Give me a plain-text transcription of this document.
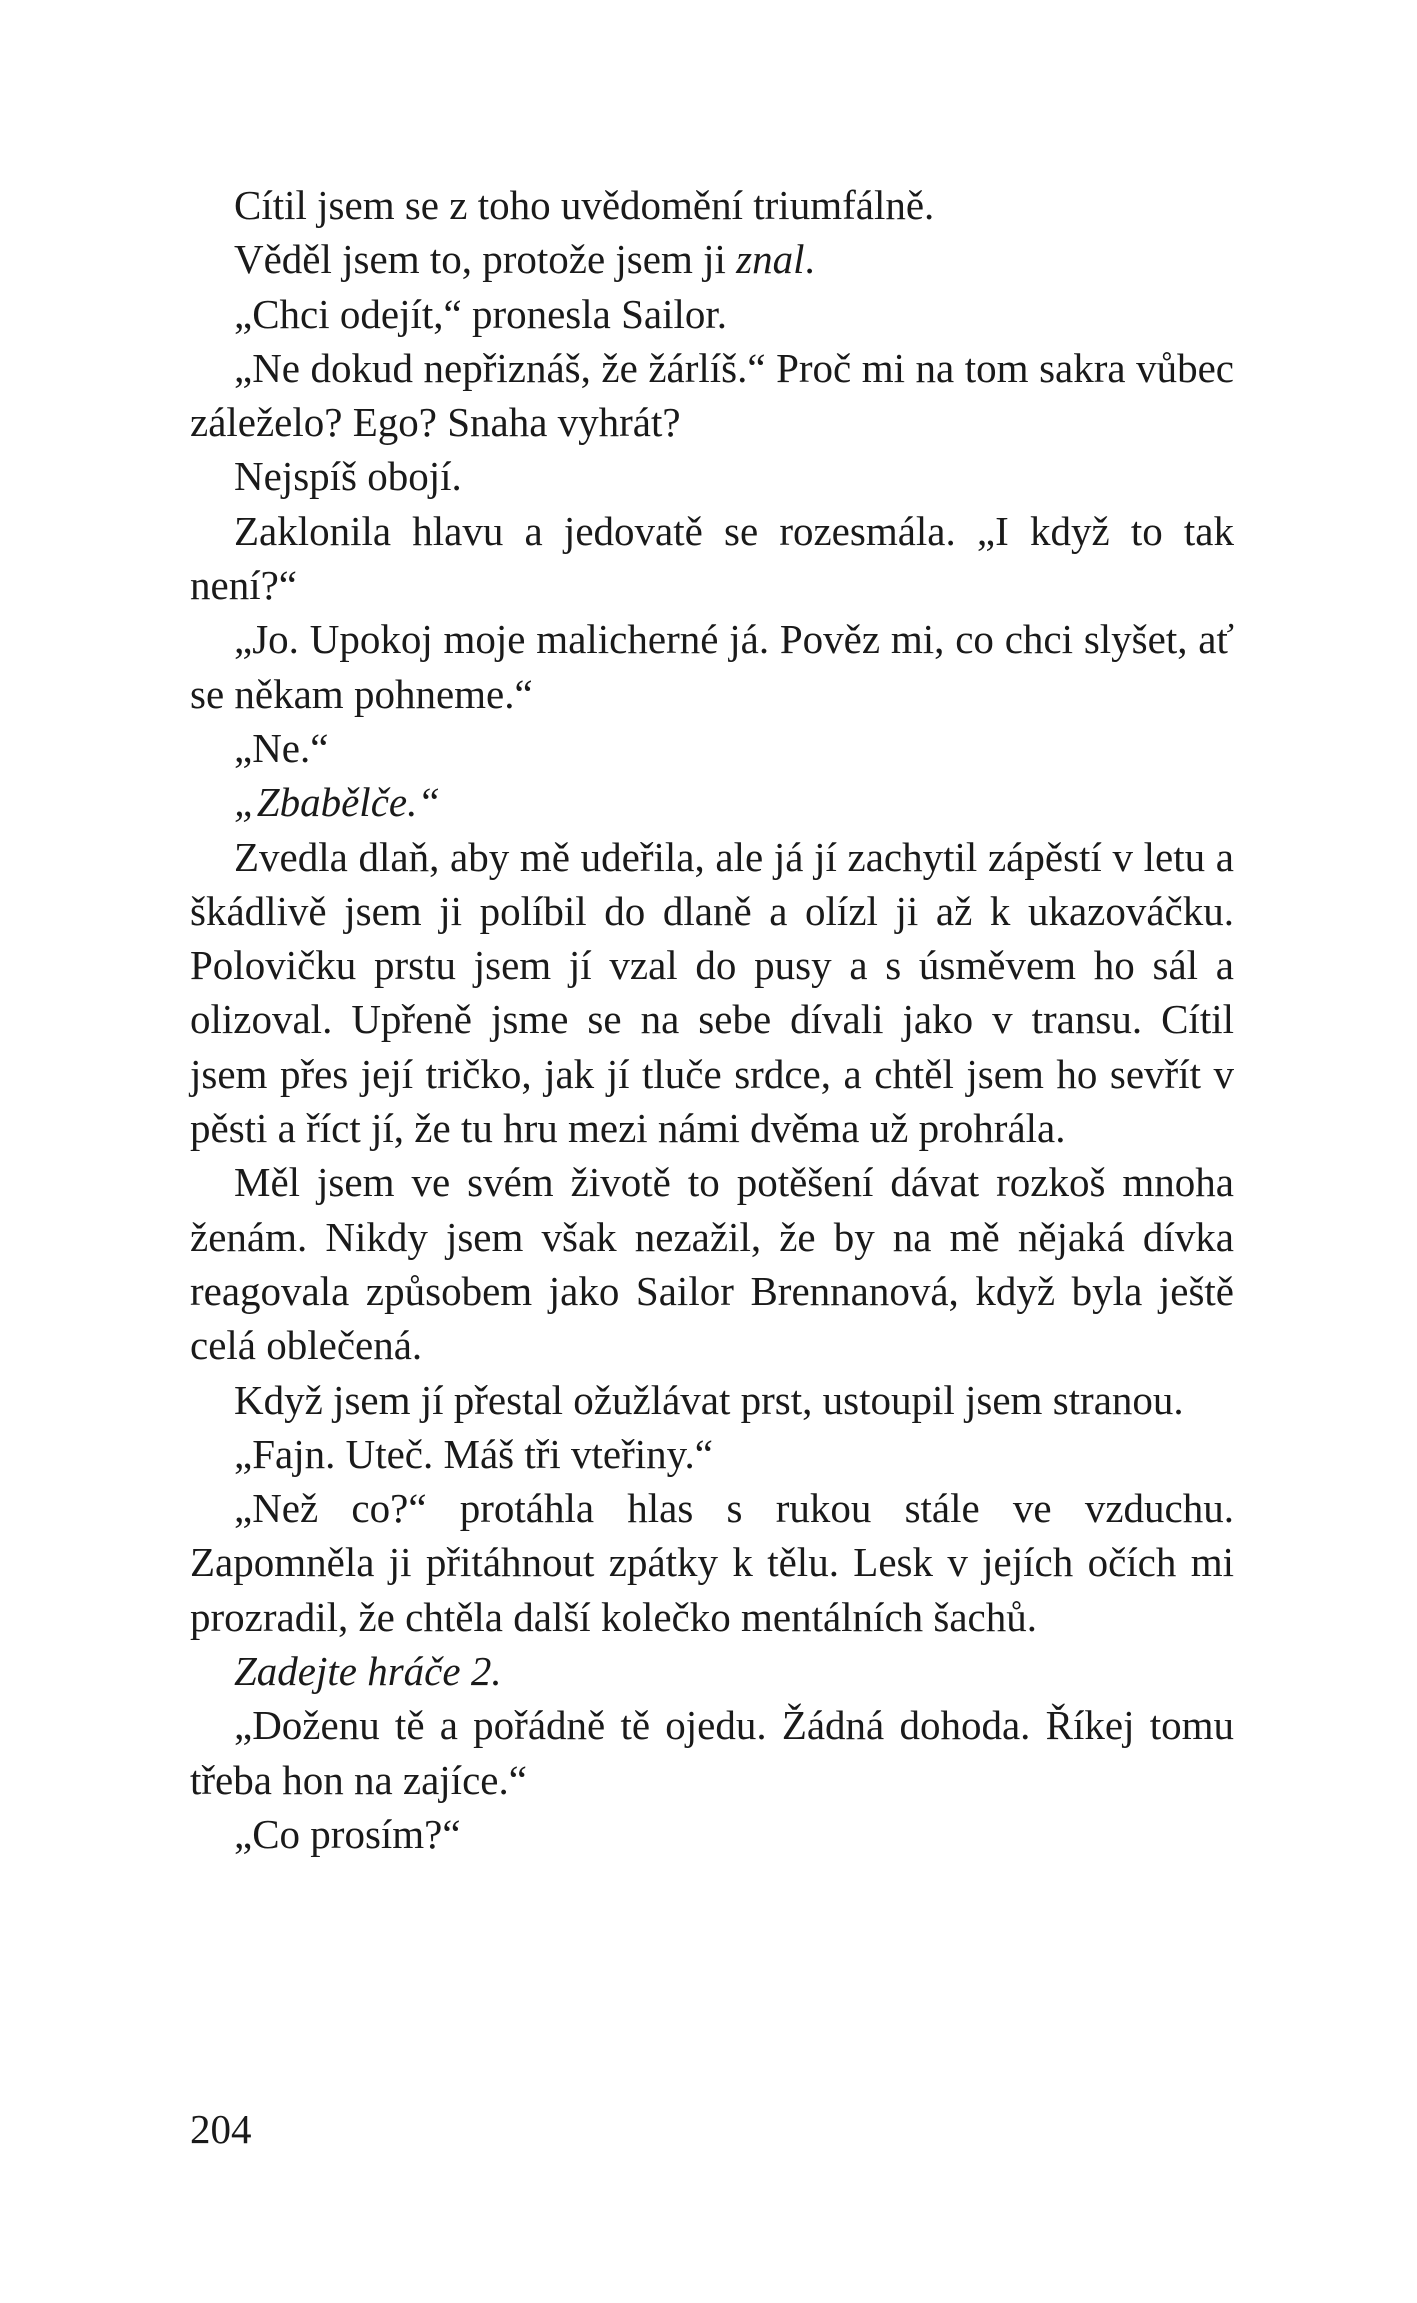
Cítil jsem se z toho uvědomění triumfálně.

Věděl jsem to, protože jsem ji znal.

„Chci odejít,“ pronesla Sailor.

„Ne dokud nepřiznáš, že žárlíš.“ Proč mi na tom sakra vůbec záleželo? Ego? Snaha vyhrát?

Nejspíš obojí.

Zaklonila hlavu a jedovatě se rozesmála. „I když to tak není?“

„Jo. Upokoj moje malicherné já. Pověz mi, co chci slyšet, ať se někam pohneme.“

„Ne.“

„Zbabělče.“

Zvedla dlaň, aby mě udeřila, ale já jí zachytil zápěstí v letu a škádlivě jsem ji políbil do dlaně a olízl ji až k ukazováčku. Polovičku prstu jsem jí vzal do pusy a s úsměvem ho sál a olizoval. Upřeně jsme se na sebe dívali jako v transu. Cítil jsem přes její tričko, jak jí tluče srdce, a chtěl jsem ho sevřít v pěsti a říct jí, že tu hru mezi námi dvěma už prohrála.

Měl jsem ve svém životě to potěšení dávat rozkoš mnoha ženám. Nikdy jsem však nezažil, že by na mě nějaká dívka reagovala způsobem jako Sailor Brennanová, když byla ještě celá oblečená.

Když jsem jí přestal ožužlávat prst, ustoupil jsem stranou.

„Fajn. Uteč. Máš tři vteřiny.“

„Než co?“ protáhla hlas s rukou stále ve vzduchu. Zapomněla ji přitáhnout zpátky k tělu. Lesk v jejích očích mi prozradil, že chtěla další kolečko mentálních šachů.

Zadejte hráče 2.

„Doženu tě a pořádně tě ojedu. Žádná dohoda. Říkej tomu třeba hon na zajíce.“

„Co prosím?“

204
